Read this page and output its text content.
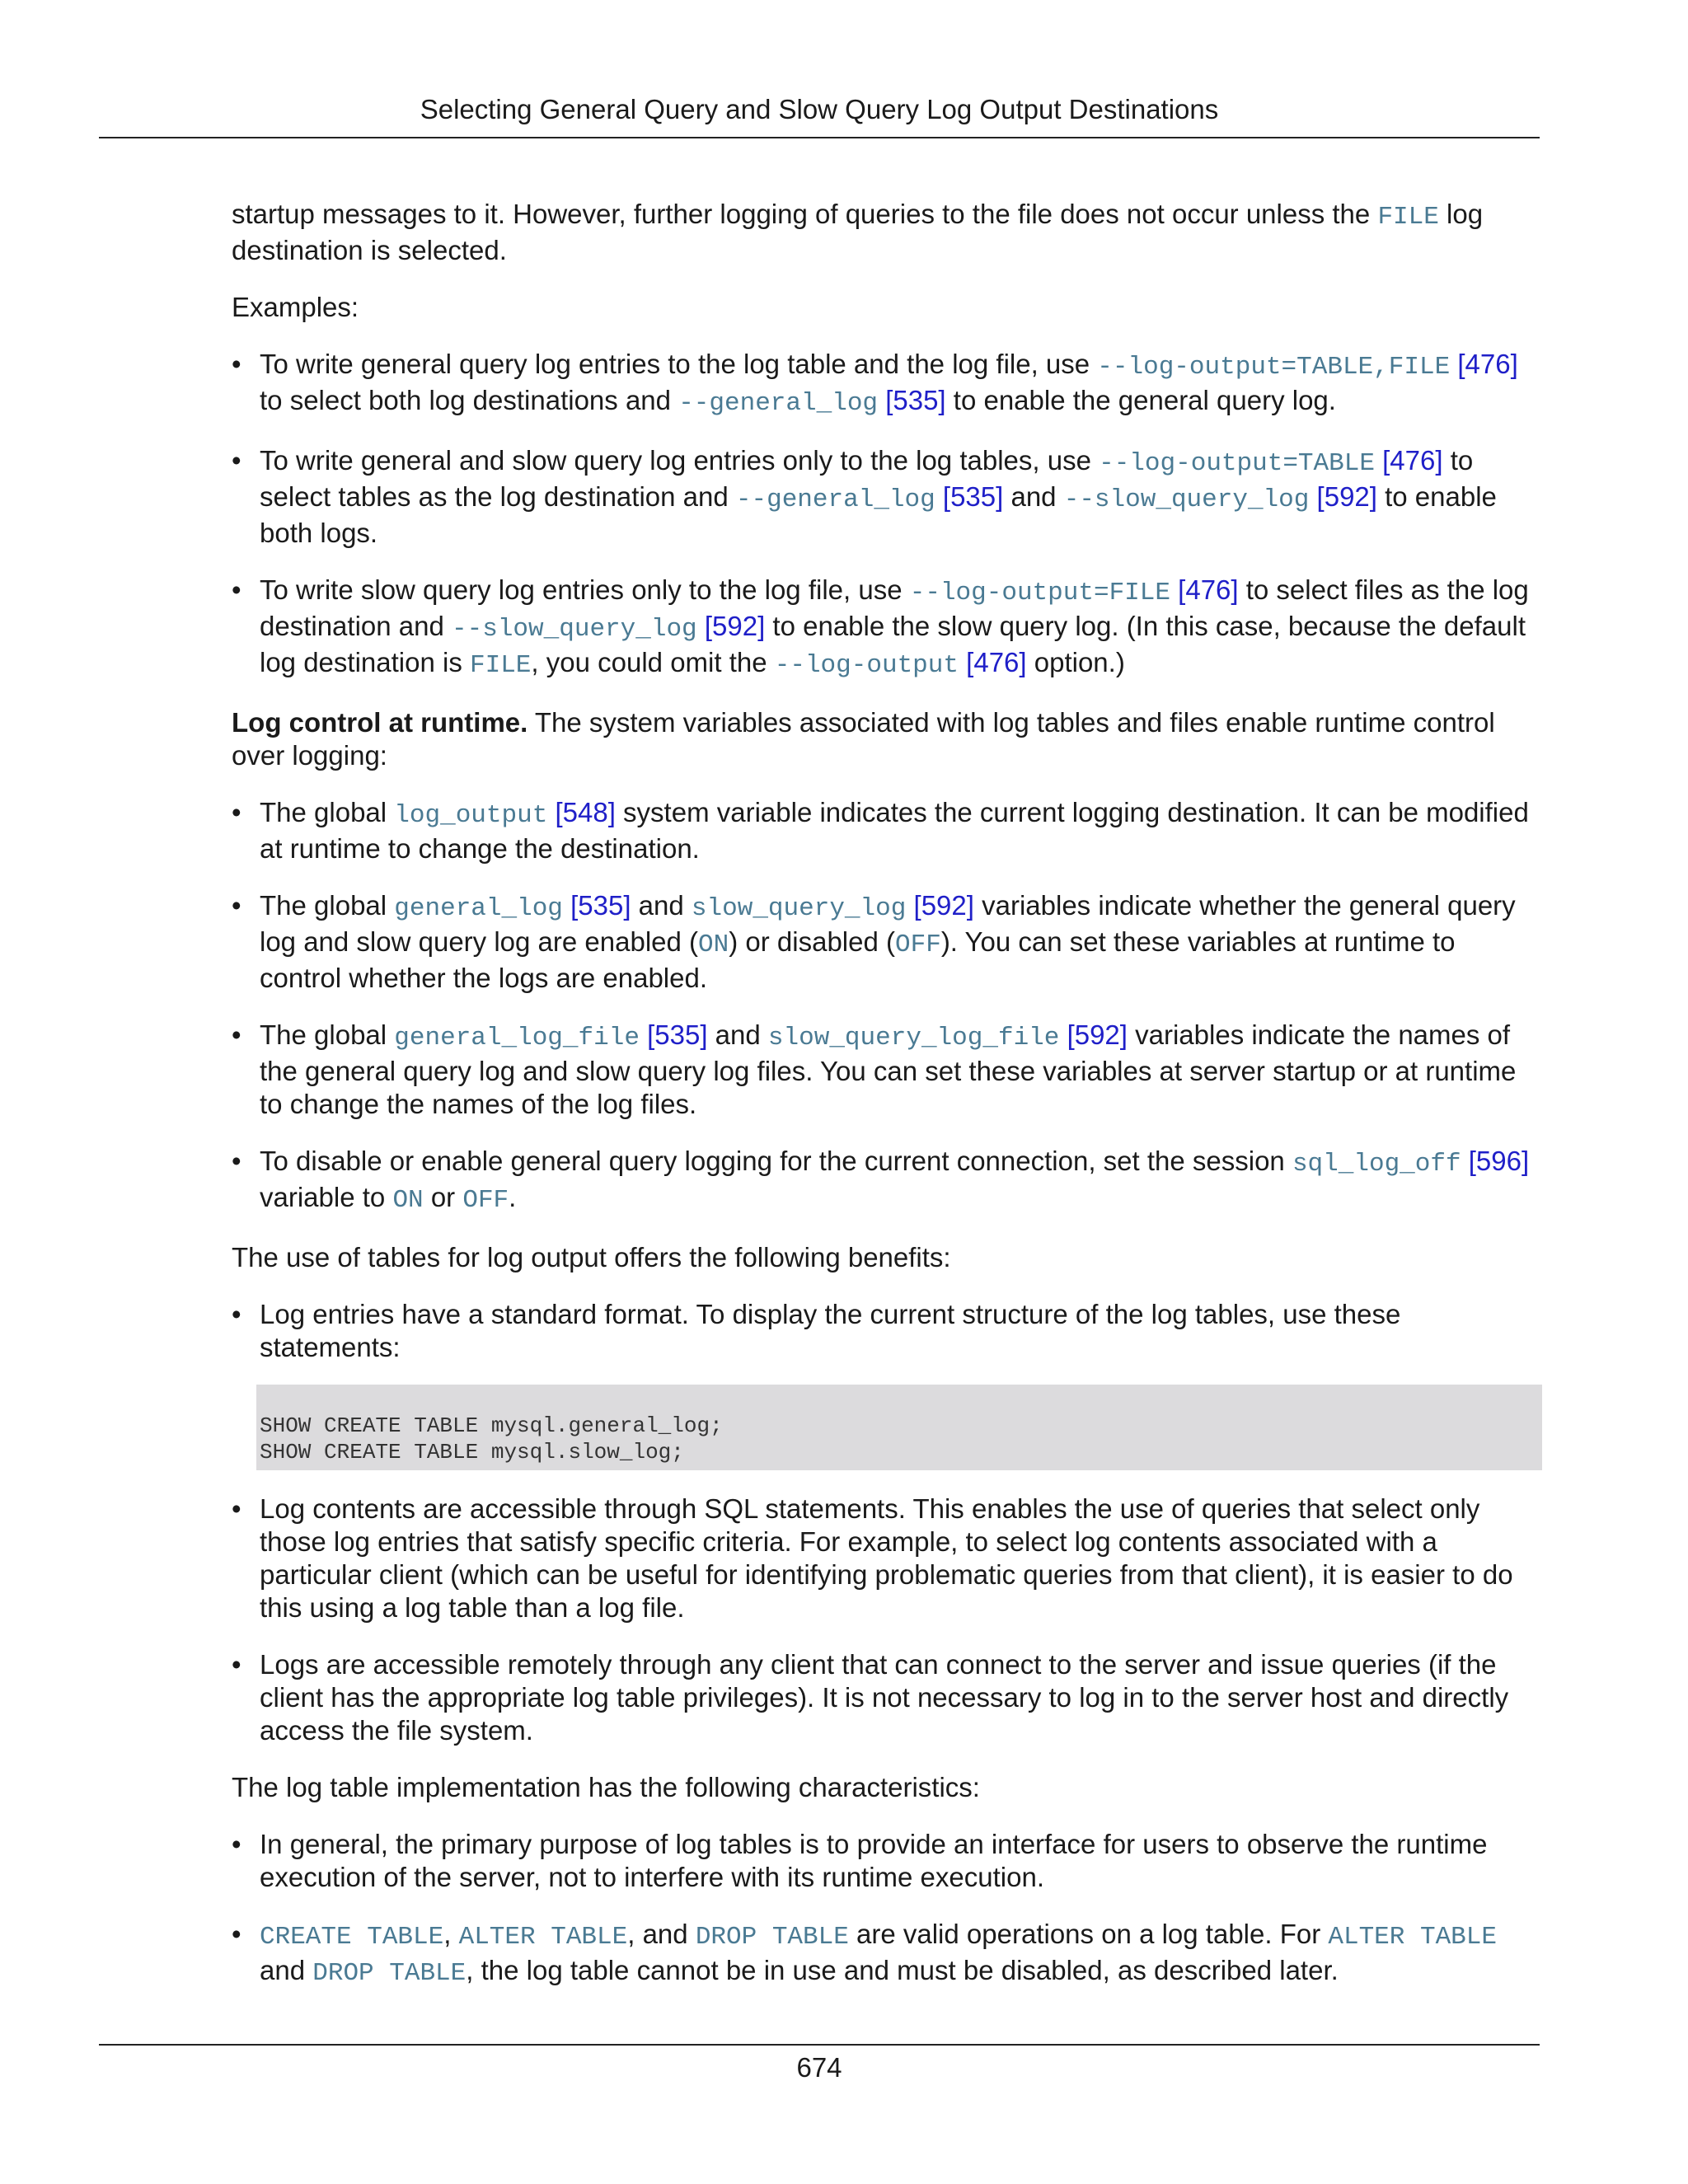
Selecting General Query and Slow Query Log Output Destinations

startup messages to it. However, further logging of queries to the file does not occur unless the FILE log destination is selected.

Examples:

• To write general query log entries to the log table and the log file, use --log-output=TABLE,FILE [476] to select both log destinations and --general_log [535] to enable the general query log.
• To write general and slow query log entries only to the log tables, use --log-output=TABLE [476] to select tables as the log destination and --general_log [535] and --slow_query_log [592] to enable both logs.
• To write slow query log entries only to the log file, use --log-output=FILE [476] to select files as the log destination and --slow_query_log [592] to enable the slow query log. (In this case, because the default log destination is FILE, you could omit the --log-output [476] option.)

Log control at runtime. The system variables associated with log tables and files enable runtime control over logging:

• The global log_output [548] system variable indicates the current logging destination. It can be modified at runtime to change the destination.
• The global general_log [535] and slow_query_log [592] variables indicate whether the general query log and slow query log are enabled (ON) or disabled (OFF). You can set these variables at runtime to control whether the logs are enabled.
• The global general_log_file [535] and slow_query_log_file [592] variables indicate the names of the general query log and slow query log files. You can set these variables at server startup or at runtime to change the names of the log files.
• To disable or enable general query logging for the current connection, set the session sql_log_off [596] variable to ON or OFF.

The use of tables for log output offers the following benefits:

• Log entries have a standard format. To display the current structure of the log tables, use these statements:
SHOW CREATE TABLE mysql.general_log;
SHOW CREATE TABLE mysql.slow_log;
• Log contents are accessible through SQL statements. This enables the use of queries that select only those log entries that satisfy specific criteria. For example, to select log contents associated with a particular client (which can be useful for identifying problematic queries from that client), it is easier to do this using a log table than a log file.
• Logs are accessible remotely through any client that can connect to the server and issue queries (if the client has the appropriate log table privileges). It is not necessary to log in to the server host and directly access the file system.

The log table implementation has the following characteristics:

• In general, the primary purpose of log tables is to provide an interface for users to observe the runtime execution of the server, not to interfere with its runtime execution.
• CREATE TABLE, ALTER TABLE, and DROP TABLE are valid operations on a log table. For ALTER TABLE and DROP TABLE, the log table cannot be in use and must be disabled, as described later.
674
